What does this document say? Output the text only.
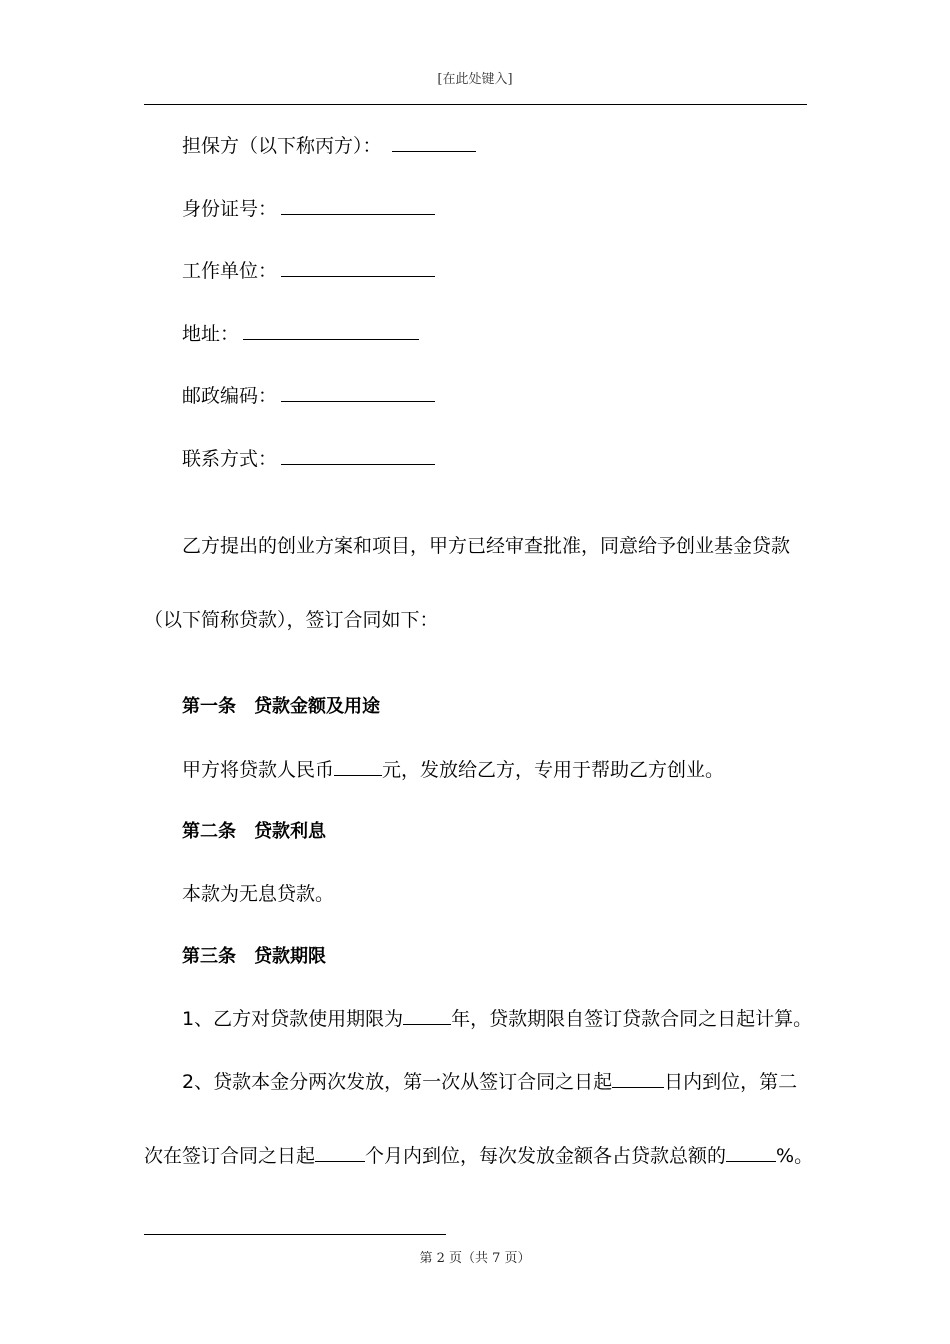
[在此处键入]
担保方（以下称丙方）：
身份证号：
工作单位：
地址：
邮政编码：
联系方式：
乙方提出的创业方案和项目，甲方已经审查批准，同意给予创业基金贷款
（以下简称贷款），签订合同如下：
第一条　贷款金额及用途
甲方将贷款人民币	元，发放给乙方，专用于帮助乙方创业。
第二条　贷款利息
本款为无息贷款。
第三条　贷款期限
1、乙方对贷款使用期限为	年，贷款期限自签订贷款合同之日起计算。
2、贷款本金分两次发放，第一次从签订合同之日起	日内到位，第二
次在签订合同之日起	个月内到位，每次发放金额各占贷款总额的	%。
第 2 页（共 7 页）
